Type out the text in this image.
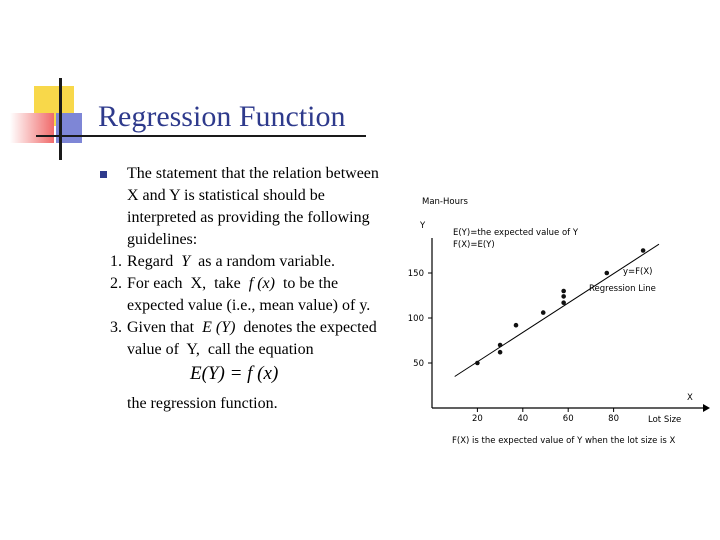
Regression Function
The statement that the relation between X and Y is statistical should be interpreted as providing the following guidelines:
1. Regard Y as a random variable.
2. For each X, take f (x) to be the expected value (i.e., mean value) of y.
3. Given that E (Y) denotes the expected value of Y, call the equation
E(Y) = f (x)
the regression function.
20	40	60	80
50
100
150
Man-Hours
Y
E(Y)=the expected value of Y
F(X)=E(Y)
y=F(X)
Regression Line
X
Lot Size
F(X) is the expected value of Y when the lot size is X
